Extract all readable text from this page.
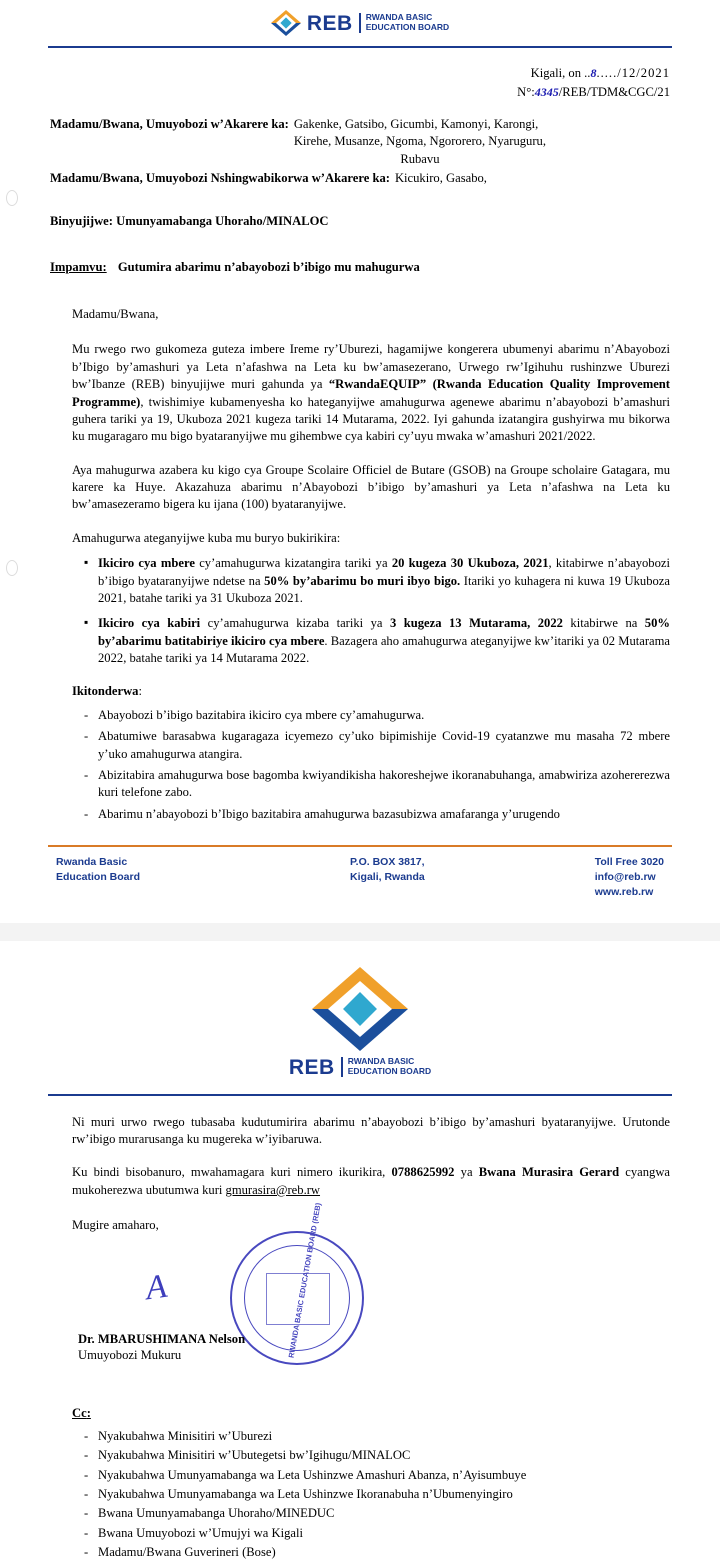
REB RWANDA BASIC
EDUCATION BOARD
Kigali, on ..8...../12/2021
N°:4345/REB/TDM&CGC/21
Madamu/Bwana, Umuyobozi w’Akarere ka: Gakenke, Gatsibo, Gicumbi, Kamonyi, Karongi,
Kirehe, Musanze, Ngoma, Ngororero, Nyaruguru,
Rubavu
Madamu/Bwana, Umuyobozi Nshingwabikorwa w’Akarere ka: Kicukiro, Gasabo,
Binyujijwe: Umunyamabanga Uhoraho/MINALOC
Impamvu: Gutumira abarimu n’abayobozi b’ibigo mu mahugurwa
Madamu/Bwana,

Mu rwego rwo gukomeza guteza imbere Ireme ry’Uburezi, hagamijwe kongerera ubumenyi abarimu n’Abayobozi b’Ibigo by’amashuri ya Leta n’afashwa na Leta ku bw’amasezerano, Urwego rw’Igihuhu rushinzwe Uburezi bw’Ibanze (REB) binyujijwe muri gahunda ya “RwandaEQUIP” (Rwanda Education Quality Improvement Programme), twishimiye kubamenyesha ko hateganyijwe amahugurwa agenewe abarimu n’abayobozi b’amashuri guhera tariki ya 19, Ukuboza 2021 kugeza tariki 14 Mutarama, 2022. Iyi gahunda izatangira gushyirwa mu bikorwa ku mugaragaro mu bigo byataranyijwe mu gihembwe cya kabiri cy’uyu mwaka w’amashuri 2021/2022.

Aya mahugurwa azabera ku kigo cya Groupe Scolaire Officiel de Butare (GSOB) na Groupe scholaire Gatagara, mu karere ka Huye. Akazahuza abarimu n’Abayobozi b’ibigo by’amashuri ya Leta n’afashwa na Leta ku bw’amasezeramo bigera ku ijana (100) byataranyijwe.

Amahugurwa ateganyijwe kuba mu buryo bukirikira:

▪ Ikiciro cya mbere cy’amahugurwa kizatangira tariki ya 20 kugeza 30 Ukuboza, 2021, kitabirwe n’abayobozi b’ibigo byataranyijwe ndetse na 50% by’abarimu bo muri ibyo bigo. Itariki yo kuhagera ni kuwa 19 Ukuboza 2021, batahe tariki ya 31 Ukuboza 2021.
▪ Ikiciro cya kabiri cy’amahugurwa kizaba tariki ya 3 kugeza 13 Mutarama, 2022 kitabirwe na 50% by’abarimu batitabiriye ikiciro cya mbere. Bazagera aho amahugurwa ateganyijwe kw’itariki ya 02 Mutarama 2022, batahe tariki ya 14 Mutarama 2022.
Ikitonderwa:
- Abayobozi b’ibigo bazitabira ikiciro cya mbere cy’amahugurwa.
- Abatumiwe barasabwa kugaragaza icyemezo cy’uko bipimishije Covid-19 cyatanzwe mu masaha 72 mbere y’uko amahugurwa atangira.
- Abizitabira amahugurwa bose bagomba kwiyandikisha hakoreshejwe ikoranabuhanga, amabwiriza azohererezwa kuri telefone zabo.
- Abarimu n’abayobozi b’Ibigo bazitabira amahugurwa bazasubizwa amafaranga y’urugendo
Rwanda Basic
Education Board
P.O. BOX 3817,
Kigali, Rwanda
Toll Free 3020
info@reb.rw
www.reb.rw
REB RWANDA BASIC
EDUCATION BOARD

Ni muri urwo rwego tubasaba kudutumirira abarimu n’abayobozi b’ibigo by’amashuri byataranyijwe. Urutonde rw’ibigo murarusanga ku mugereka w’iyibaruwa.

Ku bindi bisobanuro, mwahamagara kuri nimero ikurikira, 0788625992 ya Bwana Murasira Gerard cyangwa mukoherezwa ubutumwa kuri gmurasira@reb.rw

Mugire amaharo,	RWANDA BASIC EDUCATION BOARD (REB)
A
Dr. MBARUSHIMANA Nelson
Umuyobozi Mukuru
Cc:
- Nyakubahwa Minisitiri w’Uburezi
- Nyakubahwa Minisitiri w’Ubutegetsi bw’Igihugu/MINALOC
- Nyakubahwa Umunyamabanga wa Leta Ushinzwe Amashuri Abanza, n’Ayisumbuye
- Nyakubahwa Umunyamabanga wa Leta Ushinzwe Ikoranabuha n’Ubumenyingiro
- Bwana Umunyamabanga Uhoraho/MINEDUC
- Bwana Umuyobozi w’Umujyi wa Kigali
- Madamu/Bwana Guverineri (Bose)
